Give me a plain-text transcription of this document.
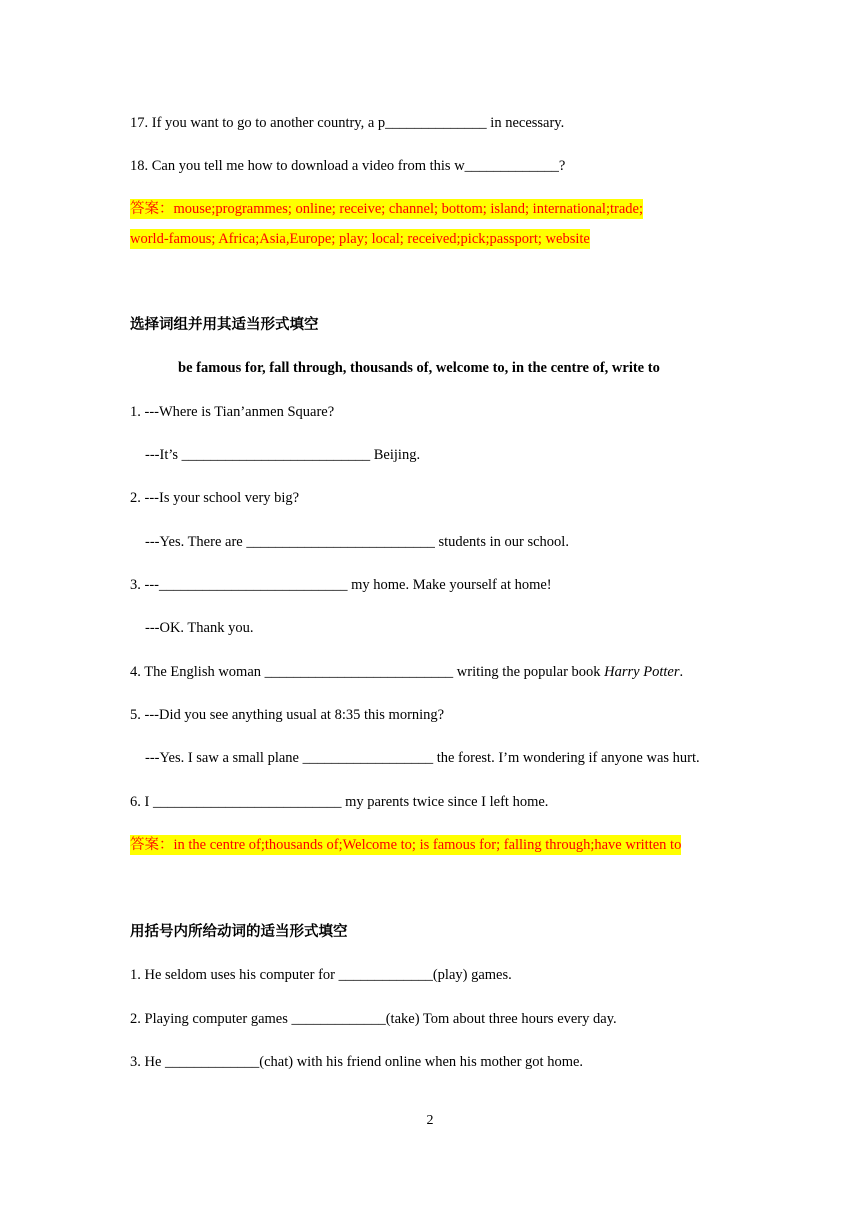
17. If you want to go to another country, a p______________ in necessary.
18. Can you tell me how to download a video from this w_____________?
答案：mouse;programmes; online; receive; channel; bottom; island; international;trade;
world-famous; Africa;Asia,Europe; play; local; received;pick;passport; website
选择词组并用其适当形式填空
be famous for, fall through, thousands of, welcome to, in the centre of, write to
1. ---Where is Tian’anmen Square?
---It’s __________________________ Beijing.
2. ---Is your school very big?
---Yes. There are __________________________ students in our school.
3. ---__________________________ my home. Make yourself at home!
---OK. Thank you.
4. The English woman __________________________ writing the popular book Harry Potter.
5. ---Did you see anything usual at 8:35 this morning?
---Yes. I saw a small plane __________________ the forest. I’m wondering if anyone was hurt.
6. I __________________________ my parents twice since I left home.
答案：in the centre of;thousands of;Welcome to; is famous for; falling through;have written to
用括号内所给动词的适当形式填空
1. He seldom uses his computer for _____________(play) games.
2. Playing computer games _____________(take) Tom about three hours every day.
3. He _____________(chat) with his friend online when his mother got home.
2
